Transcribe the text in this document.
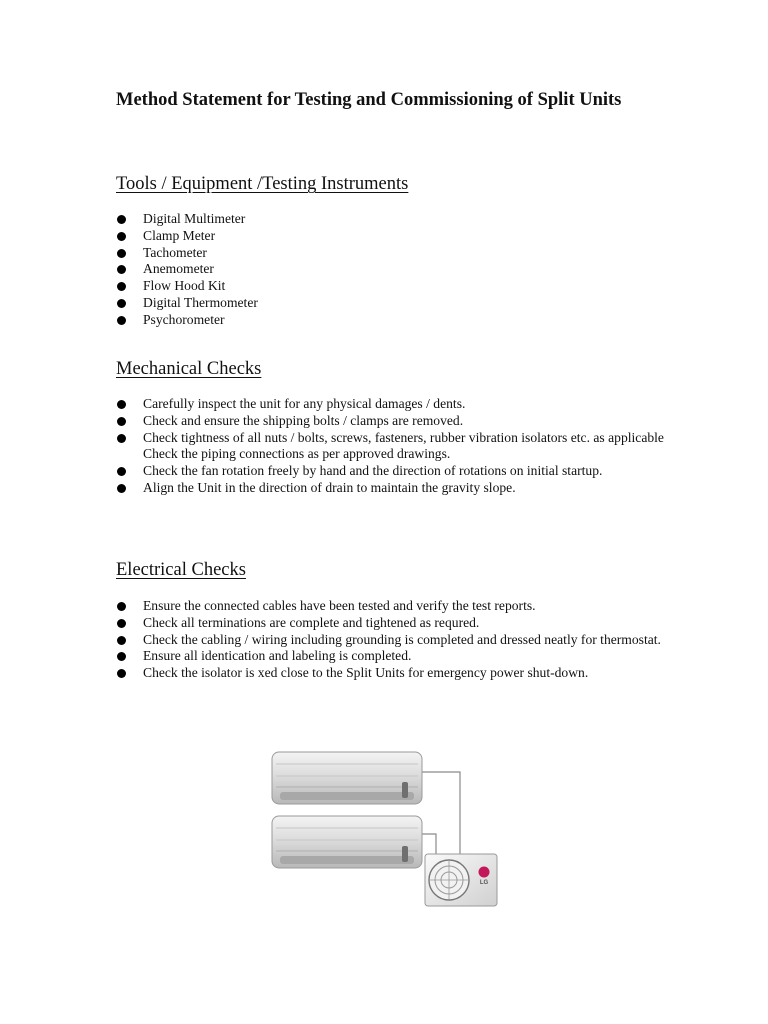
Method Statement for Testing and Commissioning of Split Units
Tools / Equipment /Testing Instruments
Digital Multimeter
Clamp Meter
Tachometer
Anemometer
Flow Hood Kit
Digital Thermometer
Psychorometer
Mechanical Checks
Carefully inspect the unit for any physical damages / dents.
Check and ensure the shipping bolts / clamps are removed.
Check tightness of all nuts / bolts, screws, fasteners, rubber vibration isolators etc. as applicable Check the piping connections as per approved drawings.
Check the fan rotation freely by hand and the direction of rotations on initial startup.
Align the Unit in the direction of drain to maintain the gravity slope.
Electrical Checks
Ensure the connected cables have been tested and verify the test reports.
Check all terminations are complete and tightened as requred.
Check the cabling / wiring including grounding is completed and dressed neatly for thermostat.
Ensure all identication and labeling is completed.
Check the isolator is xed close to the Split Units for emergency power shut-down.
LG
